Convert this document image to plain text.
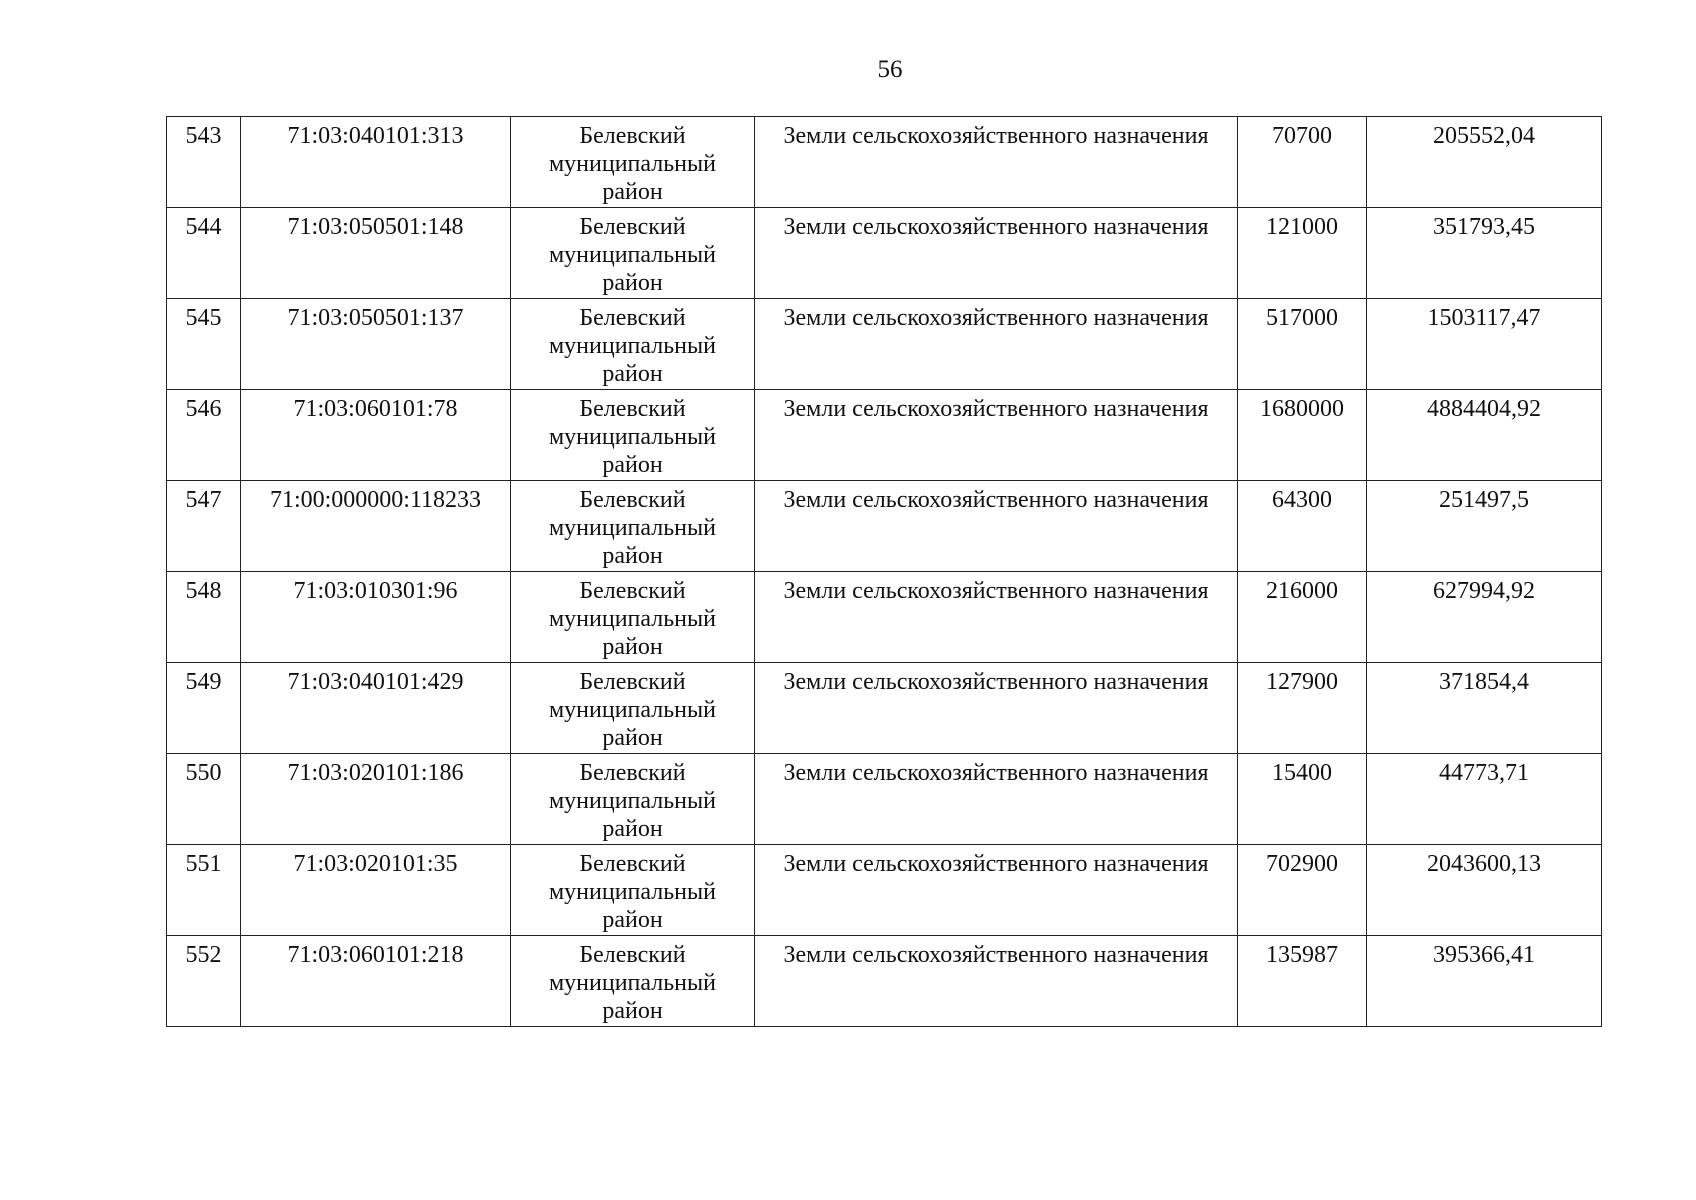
56
543	71:03:040101:313	Белевский муниципальный район	Земли сельскохозяйственного назначения	70700	205552,04
544	71:03:050501:148	Белевский муниципальный район	Земли сельскохозяйственного назначения	121000	351793,45
545	71:03:050501:137	Белевский муниципальный район	Земли сельскохозяйственного назначения	517000	1503117,47
546	71:03:060101:78	Белевский муниципальный район	Земли сельскохозяйственного назначения	1680000	4884404,92
547	71:00:000000:118233	Белевский муниципальный район	Земли сельскохозяйственного назначения	64300	251497,5
548	71:03:010301:96	Белевский муниципальный район	Земли сельскохозяйственного назначения	216000	627994,92
549	71:03:040101:429	Белевский муниципальный район	Земли сельскохозяйственного назначения	127900	371854,4
550	71:03:020101:186	Белевский муниципальный район	Земли сельскохозяйственного назначения	15400	44773,71
551	71:03:020101:35	Белевский муниципальный район	Земли сельскохозяйственного назначения	702900	2043600,13
552	71:03:060101:218	Белевский муниципальный район	Земли сельскохозяйственного назначения	135987	395366,41
